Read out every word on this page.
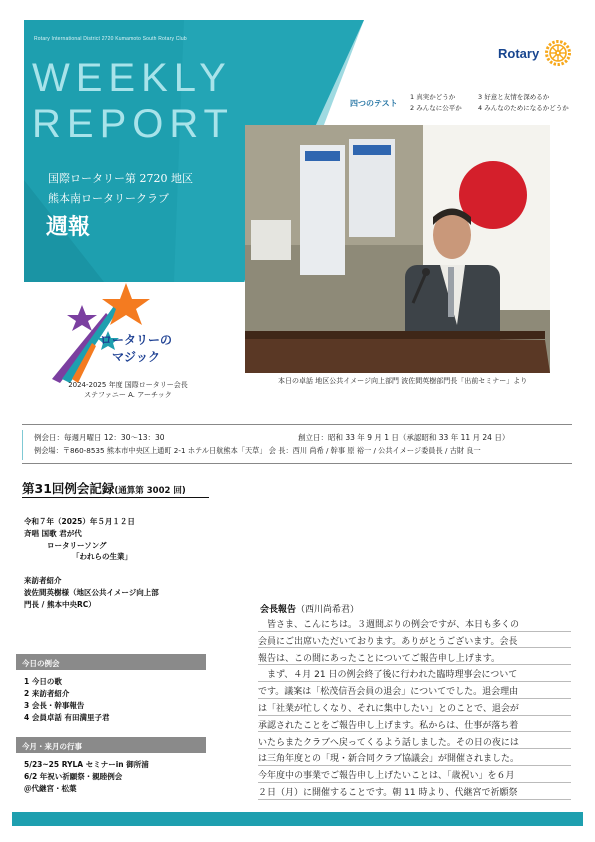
Rotary International District 2720 Kumamoto South Rotary Club
WEEKLY
REPORT
国際ロータリー第 2720 地区
熊本南ロータリークラブ
週報
Rotary
四つのテスト
1 真実かどうか
2 みんなに公平か
3 好意と友情を深めるか
4 みんなのためになるかどうか
本日の卓話 地区公共イメージ向上部門 波佐間英樹部門長「出前セミナー」より
ロータリーの
マジック
2024-2025 年度 国際ロータリー会長
ステファニー A. アーチック
例会日：毎週月曜日 12：30～13：30	創立日：昭和 33 年 9 月 1 日（承認昭和 33 年 11 月 24 日）
例会場：〒860-8535 熊本市中央区上通町 2-1 ホテル日航熊本「天草」 会 長：西川 尚希 / 幹事 原 裕一 / 公共イメージ委員長 / 古財 良一
第31回例会記録(通算第 3002 回)
令和７年（2025）年５月１２日
斉唱 国歌 君が代
ロータリーソング
「われらの生業」
来訪者紹介
波佐間英樹様（地区公共イメージ向上部
門長 / 熊本中央RC）
今日の例会
1 今日の歌
2 来訪者紹介
3 会長・幹事報告
4 会員卓話 有田満里子君
今月・来月の行事
5/23~25 RYLA セミナーin 御所浦
6/2 年祝い祈願祭・親睦例会
＠代継宮・松葉
会長報告（西川尚希君）
　皆さま、こんにちは。３週間ぶりの例会ですが、本日も多くの
会員にご出席いただいております。ありがとうございます。会長
報告は、この間にあったことについてご報告申し上げます。
　まず、４月 21 日の例会終了後に行われた臨時理事会について
です。議案は「松茂信吾会員の退会」についてでした。退会理由
は「社業が忙しくなり、それに集中したい」とのことで、退会が
承認されたことをご報告申し上げます。私からは、仕事が落ち着
いたらまたクラブへ戻ってくるよう話しました。その日の夜には
は三角年度との「現・新合同クラブ協議会」が開催されました。
今年度中の事業でご報告申し上げたいことは、「歳祝い」を６月
２日（月）に開催することです。朝 11 時より、代継宮で祈願祭
